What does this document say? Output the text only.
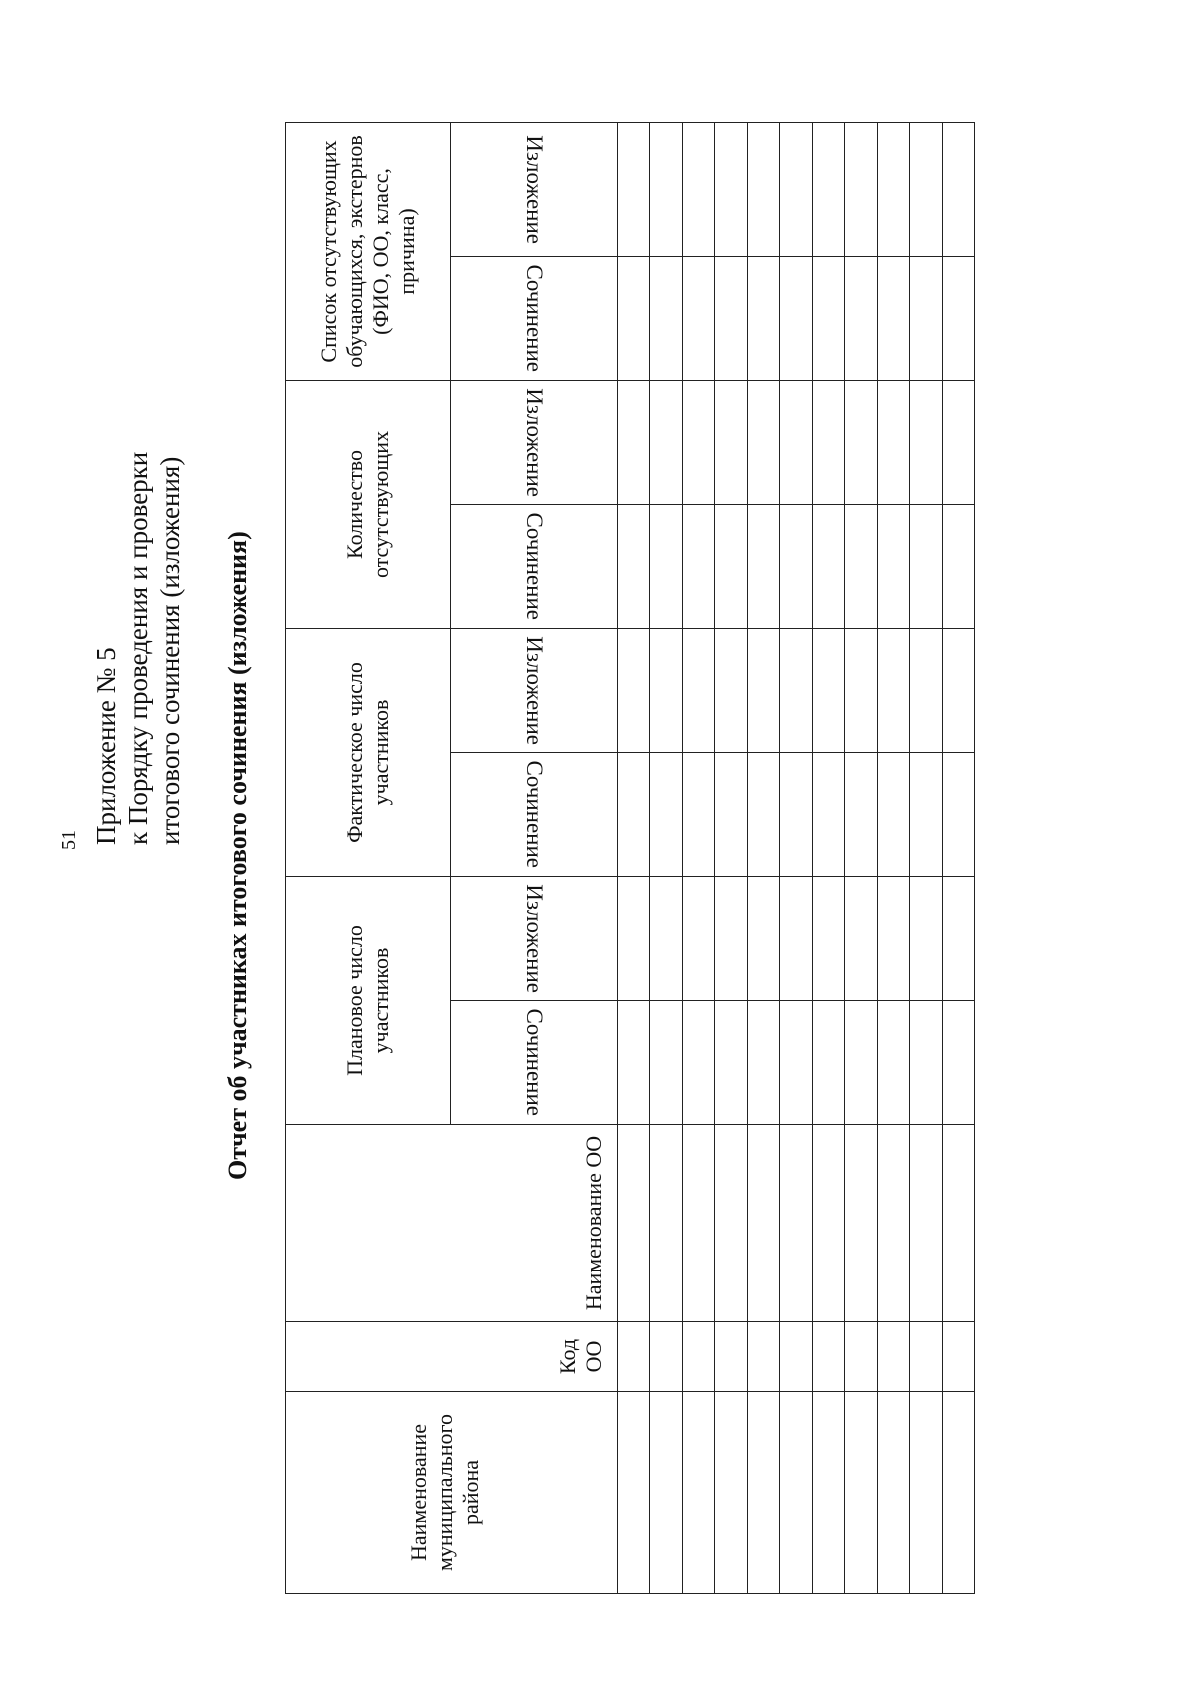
51 Приложение № 5 к Порядку проведения и проверки итогового сочинения (изложения) Отчет об участниках итогового сочинения (изложения)
Наименование муниципального района	Код ОО	Наименование ОО	Плановое число участников		Фактическое число участников		Количество отсутствующих		Список отсутствующих обучающихся, экстернов (ФИО, ОО, класс, причина)	
			Сочинение	Изложение	Сочинение	Изложение	Сочинение	Изложение	Сочинение	Изложение
